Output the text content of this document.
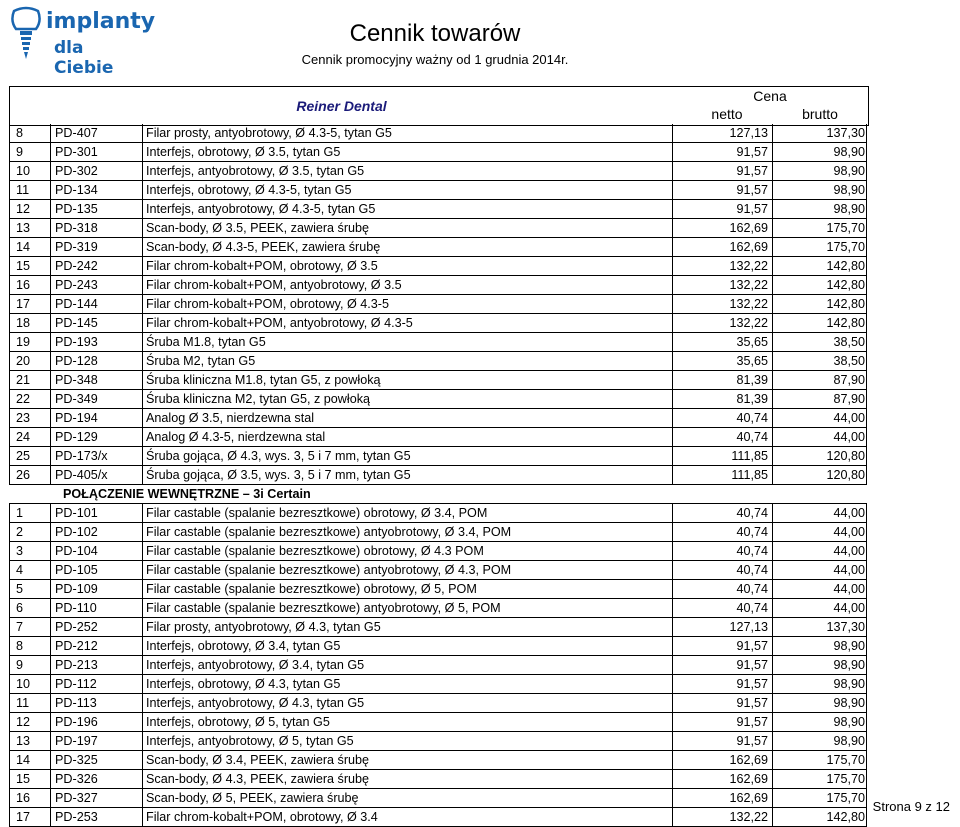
implanty
dla Ciebie
Cennik towarów
Cennik promocyjny ważny od 1 grudnia 2014r.
Reiner Dental
Cena
netto	brutto
8	PD-407	Filar prosty, antyobrotowy, Ø 4.3-5, tytan G5	127,13	137,30
9	PD-301	Interfejs, obrotowy, Ø 3.5, tytan G5	91,57	98,90
10	PD-302	Interfejs, antyobrotowy, Ø 3.5, tytan G5	91,57	98,90
11	PD-134	Interfejs, obrotowy, Ø 4.3-5, tytan G5	91,57	98,90
12	PD-135	Interfejs, antyobrotowy, Ø 4.3-5, tytan G5	91,57	98,90
13	PD-318	Scan-body, Ø 3.5, PEEK, zawiera śrubę	162,69	175,70
14	PD-319	Scan-body, Ø 4.3-5, PEEK, zawiera śrubę	162,69	175,70
15	PD-242	Filar chrom-kobalt+POM, obrotowy, Ø 3.5	132,22	142,80
16	PD-243	Filar chrom-kobalt+POM, antyobrotowy, Ø 3.5	132,22	142,80
17	PD-144	Filar chrom-kobalt+POM, obrotowy, Ø 4.3-5	132,22	142,80
18	PD-145	Filar chrom-kobalt+POM, antyobrotowy, Ø 4.3-5	132,22	142,80
19	PD-193	Śruba M1.8, tytan G5	35,65	38,50
20	PD-128	Śruba M2, tytan G5	35,65	38,50
21	PD-348	Śruba kliniczna M1.8, tytan G5, z powłoką	81,39	87,90
22	PD-349	Śruba kliniczna M2, tytan G5, z powłoką	81,39	87,90
23	PD-194	Analog Ø 3.5, nierdzewna stal	40,74	44,00
24	PD-129	Analog Ø 4.3-5, nierdzewna stal	40,74	44,00
25	PD-173/x	Śruba gojąca, Ø 4.3, wys. 3, 5 i 7 mm, tytan G5	111,85	120,80
26	PD-405/x	Śruba gojąca, Ø 3.5, wys. 3, 5 i 7 mm, tytan G5	111,85	120,80
POŁĄCZENIE WEWNĘTRZNE – 3i Certain
1	PD-101	Filar castable (spalanie bezresztkowe) obrotowy, Ø 3.4, POM	40,74	44,00
2	PD-102	Filar castable (spalanie bezresztkowe) antyobrotowy, Ø 3.4, POM	40,74	44,00
3	PD-104	Filar castable (spalanie bezresztkowe) obrotowy, Ø 4.3 POM	40,74	44,00
4	PD-105	Filar castable (spalanie bezresztkowe) antyobrotowy, Ø 4.3, POM	40,74	44,00
5	PD-109	Filar castable (spalanie bezresztkowe) obrotowy, Ø 5, POM	40,74	44,00
6	PD-110	Filar castable (spalanie bezresztkowe) antyobrotowy, Ø 5, POM	40,74	44,00
7	PD-252	Filar prosty, antyobrotowy, Ø 4.3, tytan G5	127,13	137,30
8	PD-212	Interfejs, obrotowy, Ø 3.4, tytan G5	91,57	98,90
9	PD-213	Interfejs, antyobrotowy, Ø 3.4, tytan G5	91,57	98,90
10	PD-112	Interfejs, obrotowy, Ø 4.3, tytan G5	91,57	98,90
11	PD-113	Interfejs, antyobrotowy, Ø 4.3, tytan G5	91,57	98,90
12	PD-196	Interfejs, obrotowy, Ø 5, tytan G5	91,57	98,90
13	PD-197	Interfejs, antyobrotowy, Ø 5, tytan G5	91,57	98,90
14	PD-325	Scan-body, Ø 3.4, PEEK, zawiera śrubę	162,69	175,70
15	PD-326	Scan-body, Ø 4.3, PEEK, zawiera śrubę	162,69	175,70
16	PD-327	Scan-body, Ø 5, PEEK, zawiera śrubę	162,69	175,70
17	PD-253	Filar chrom-kobalt+POM, obrotowy, Ø 3.4	132,22	142,80
Strona 9 z 12
